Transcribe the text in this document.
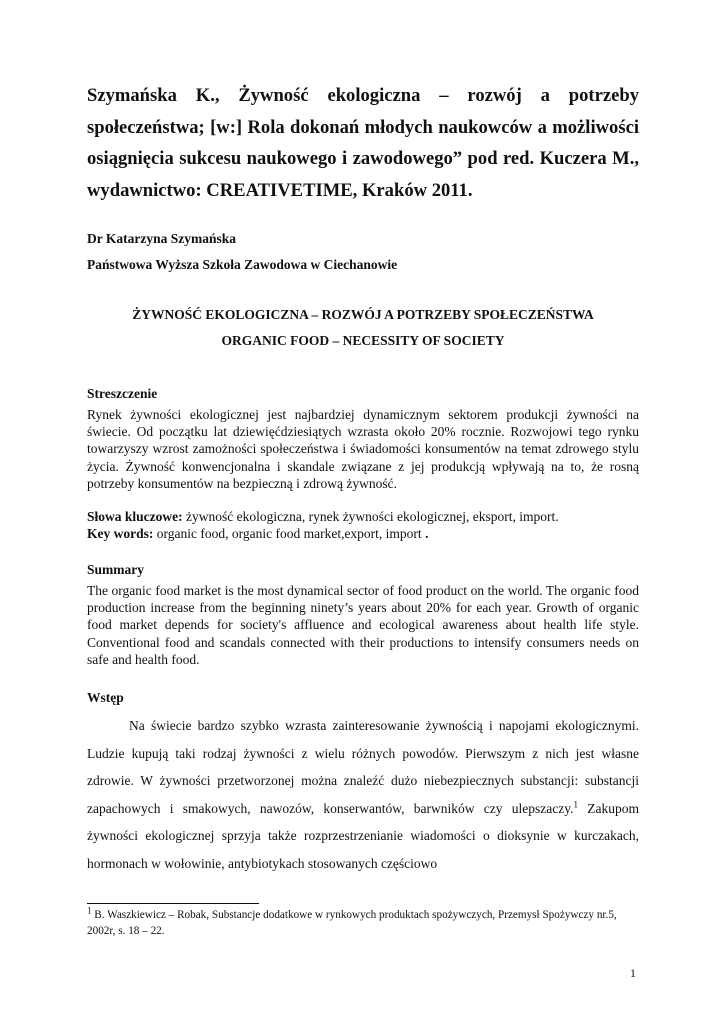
Szymańska K., Żywność ekologiczna – rozwój a potrzeby społeczeństwa; [w:] Rola dokonań młodych naukowców a możliwości osiągnięcia sukcesu naukowego i zawodowego” pod red. Kuczera M., wydawnictwo: CREATIVETIME, Kraków 2011.

Dr Katarzyna Szymańska
Państwowa Wyższa Szkoła Zawodowa w Ciechanowie
ŻYWNOŚĆ EKOLOGICZNA – ROZWÓJ A POTRZEBY SPOŁECZEŃSTWA
ORGANIC FOOD – NECESSITY OF SOCIETY
Streszczenie

Rynek żywności ekologicznej jest najbardziej dynamicznym sektorem produkcji żywności na świecie. Od początku lat dziewięćdziesiątych wzrasta około 20% rocznie. Rozwojowi tego rynku towarzyszy wzrost zamożności społeczeństwa i świadomości konsumentów na temat zdrowego stylu życia. Żywność konwencjonalna i skandale związane z jej produkcją wpływają na to, że rosną potrzeby konsumentów na bezpieczną i zdrową żywność.

Słowa kluczowe: żywność ekologiczna, rynek żywności ekologicznej, eksport, import.
Key words: organic food, organic food market,export, import .
Summary

The organic food market is the most dynamical sector of food product on the world. The organic food production increase from the beginning ninety’s years about 20% for each year. Growth of organic food market depends for society's affluence and ecological awareness about health life style. Conventional food and scandals connected with their productions to intensify consumers needs on safe and health food.

Wstęp

Na świecie bardzo szybko wzrasta zainteresowanie żywnością i napojami ekologicznymi. Ludzie kupują taki rodzaj żywności z wielu różnych powodów. Pierwszym z nich jest własne zdrowie. W żywności przetworzonej można znaleźć dużo niebezpiecznych substancji: substancji zapachowych i smakowych, nawozów, konserwantów, barwników czy ulepszaczy.$^1$ Zakupom żywności ekologicznej sprzyja także rozprzestrzenianie wiadomości o dioksynie w kurczakach, hormonach w wołowinie, antybiotykach stosowanych częściowo

$^1$ B. Waszkiewicz – Robak, Substancje dodatkowe w rynkowych produktach spożywczych, Przemysł Spożywczy nr.5, 2002r, s. 18 – 22.
1
